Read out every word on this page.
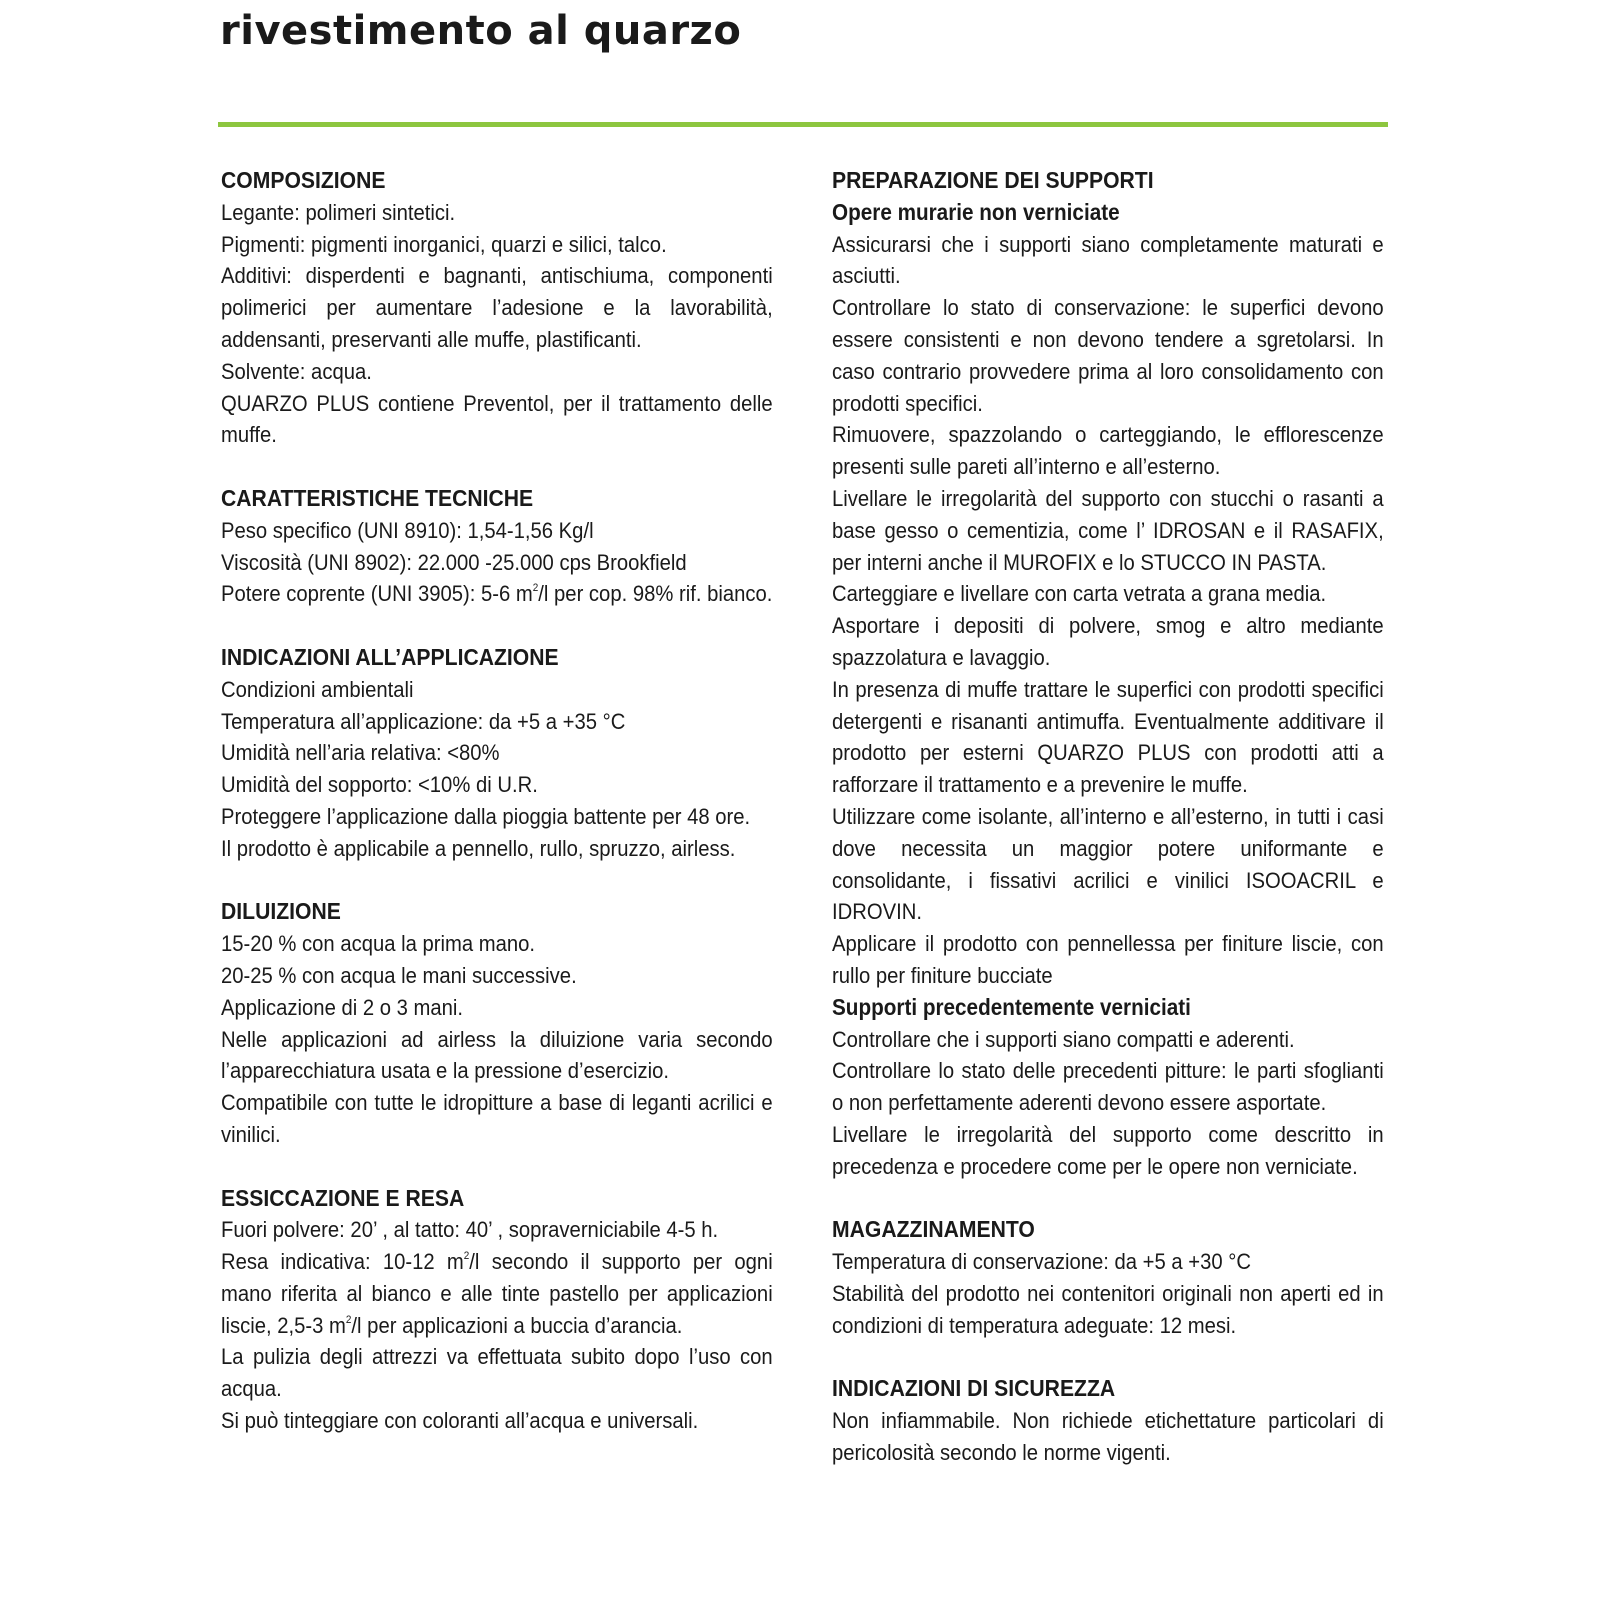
rivestimento al quarzo
COMPOSIZIONE

Legante: polimeri sintetici.

Pigmenti: pigmenti inorganici, quarzi e silici, talco.

Additivi: disperdenti e bagnanti, antischiuma, componenti polimerici per aumentare l’adesione e la lavorabilità, addensanti, preservanti alle muffe, plastificanti.

Solvente: acqua.

QUARZO PLUS contiene Preventol, per il trattamento delle muffe.

CARATTERISTICHE TECNICHE

Peso specifico (UNI 8910): 1,54-1,56 Kg/l

Viscosità (UNI 8902): 22.000 -25.000 cps Brookfield

Potere coprente (UNI 3905): 5-6 $m^2/l$ per cop. 98% rif. bianco.

INDICAZIONI ALL’APPLICAZIONE

Condizioni ambientali

Temperatura all’applicazione: da +5 a +35 °C

Umidità nell’aria relativa: <80%

Umidità del sopporto: <10% di U.R.

Proteggere l’applicazione dalla pioggia battente per 48 ore.

Il prodotto è applicabile a pennello, rullo, spruzzo, airless.

DILUIZIONE

15-20 % con acqua la prima mano.

20-25 % con acqua le mani successive.

Applicazione di 2 o 3 mani.

Nelle applicazioni ad airless la diluizione varia secondo l’apparecchiatura usata e la pressione d’esercizio.

Compatibile con tutte le idropitture a base di leganti acrilici e vinilici.

ESSICCAZIONE E RESA

Fuori polvere: 20’ , al tatto: 40’ , sopraverniciabile 4-5 h.

Resa indicativa: 10-12 $m^2/l$ secondo il supporto per ogni mano riferita al bianco e alle tinte pastello per applicazioni liscie, 2,5-3 $m^2/l$ per applicazioni a buccia d’arancia.

La pulizia degli attrezzi va effettuata subito dopo l’uso con acqua.

Si può tinteggiare con coloranti all’acqua e universali.

PREPARAZIONE DEI SUPPORTI
Opere murarie non verniciate

Assicurarsi che i supporti siano completamente maturati e asciutti.

Controllare lo stato di conservazione: le superfici devono essere consistenti e non devono tendere a sgretolarsi. In caso contrario provvedere prima al loro consolidamento con prodotti specifici.

Rimuovere, spazzolando o carteggiando, le efflorescenze presenti sulle pareti all’interno e all’esterno.

Livellare le irregolarità del supporto con stucchi o rasanti a base gesso o cementizia, come l’ IDROSAN e il RASAFIX, per interni anche il MUROFIX e lo STUCCO IN PASTA.

Carteggiare e livellare con carta vetrata a grana media.

Asportare i depositi di polvere, smog e altro mediante spazzolatura e lavaggio.

In presenza di muffe trattare le superfici con prodotti specifici detergenti e risananti antimuffa. Eventualmente additivare il prodotto per esterni QUARZO PLUS con prodotti atti a rafforzare il trattamento e a prevenire le muffe.

Utilizzare come isolante, all’interno e all’esterno, in tutti i casi dove necessita un maggior potere uniformante e consolidante, i fissativi acrilici e vinilici ISOOACRIL e IDROVIN.

Applicare il prodotto con pennellessa per finiture liscie, con rullo per finiture bucciate

Supporti precedentemente verniciati

Controllare che i supporti siano compatti e aderenti.

Controllare lo stato delle precedenti pitture: le parti sfoglianti o non perfettamente aderenti devono essere asportate.

Livellare le irregolarità del supporto come descritto in precedenza e procedere come per le opere non verniciate.

MAGAZZINAMENTO

Temperatura di conservazione: da +5 a +30 °C

Stabilità del prodotto nei contenitori originali non aperti ed in condizioni di temperatura adeguate: 12 mesi.

INDICAZIONI DI SICUREZZA

Non infiammabile. Non richiede etichettature particolari di pericolosità secondo le norme vigenti.
